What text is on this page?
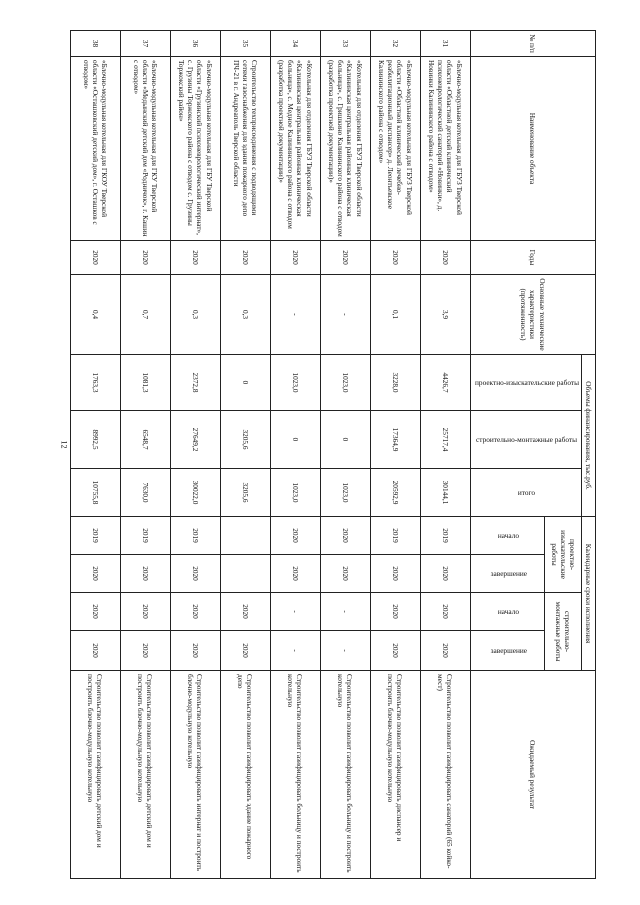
12
№ п/п	Наименование объекта	Годы	Основные технические характеристики (протяженность)	Объемы финансирования, тыс.руб.			Календарные сроки исполнения				Ожидаемый результат
				проектно-изыскательские работы	строительно-монтажные работы	итого	проектно-изыскательские работы		строительно-монтажные работы		
							начало	завершение	начало	завершение	
31	«Блочно-модульная котельная для ГБУЗ Тверской области «Областной детский клинический психоневрологический санаторий «Новинки», д. Новинки Калининского района с отводом»	2020	3,9	4426,7	25717,4	30144,1	2019	2020	2020	2020	Строительство позволит газифицировать санаторий (65 койко-мест)
32	«Блочно-модульная котельная для ГБУЗ Тверской области «Областной клинический лечебно-реабилитационный диспансер» д. Леонтьевское Калининского района с отводом»	2020	0,1	3228,0	17364,9	20592,9	2019	2020	2020	2020	Строительство позволит газифицировать диспансер и построить блочно-модульную котельную
33	«Котельная для отделения ГБУЗ Тверской области «Калининская центральная районная клиническая больница», с. Гришкино Калининского района с отводом (разработка проектной документации)»	2020	-	1023,0	0	1023,0	2020	2020	-	-	Строительство позволит газифицировать больницу и построить котельную
34	«Котельная для отделения ГБУЗ Тверской области «Калининская центральная районная клиническая больница», с. Медное Калининского района с отводом (разработка проектной документации)»	2020	-	1023,0	0	1023,0	2020	2020	-	-	Строительство позволит газифицировать больницу и построить котельную
35	Строительство техприсоединения с подводящими сетями газоснабжения для здания пожарного депо ПЧ-21 в г. Андреаполь Тверской области	2020	0,3	0	3205,6	3205,6			2020	2020	Строительство позволит газифицировать здание пожарного депо
36	«Блочно-модульная котельная для ГБУ Тверской области «Грузинский психоневрологический интернат», с. Грузины Торжокского района с отводом с. Грузины Торжокский район»	2020	0,3	2372,8	27649,2	30022,0	2019	2020	2020	2020	Строительство позволит газифицировать интернат и построить блочно-модульную котельную
37	«Блочно-модульная котельная для ГКУ Тверской области «Медынский детский дом «Родничок», г. Кашин с отводом»	2020	0,7	1081,3	6548,7	7630,0	2019	2020	2020	2020	Строительство позволит газифицировать детский дом и построить блочно-модульную котельную
38	«Блочно-модульная котельная для ГКОУ Тверской области «Осташковский детский дом», г. Осташков с отводом»	2020	0,4	1763,3	8992,5	10755,8	2019	2020	2020	2020	Строительство позволит газифицировать детский дом и построить блочно-модульную котельную
